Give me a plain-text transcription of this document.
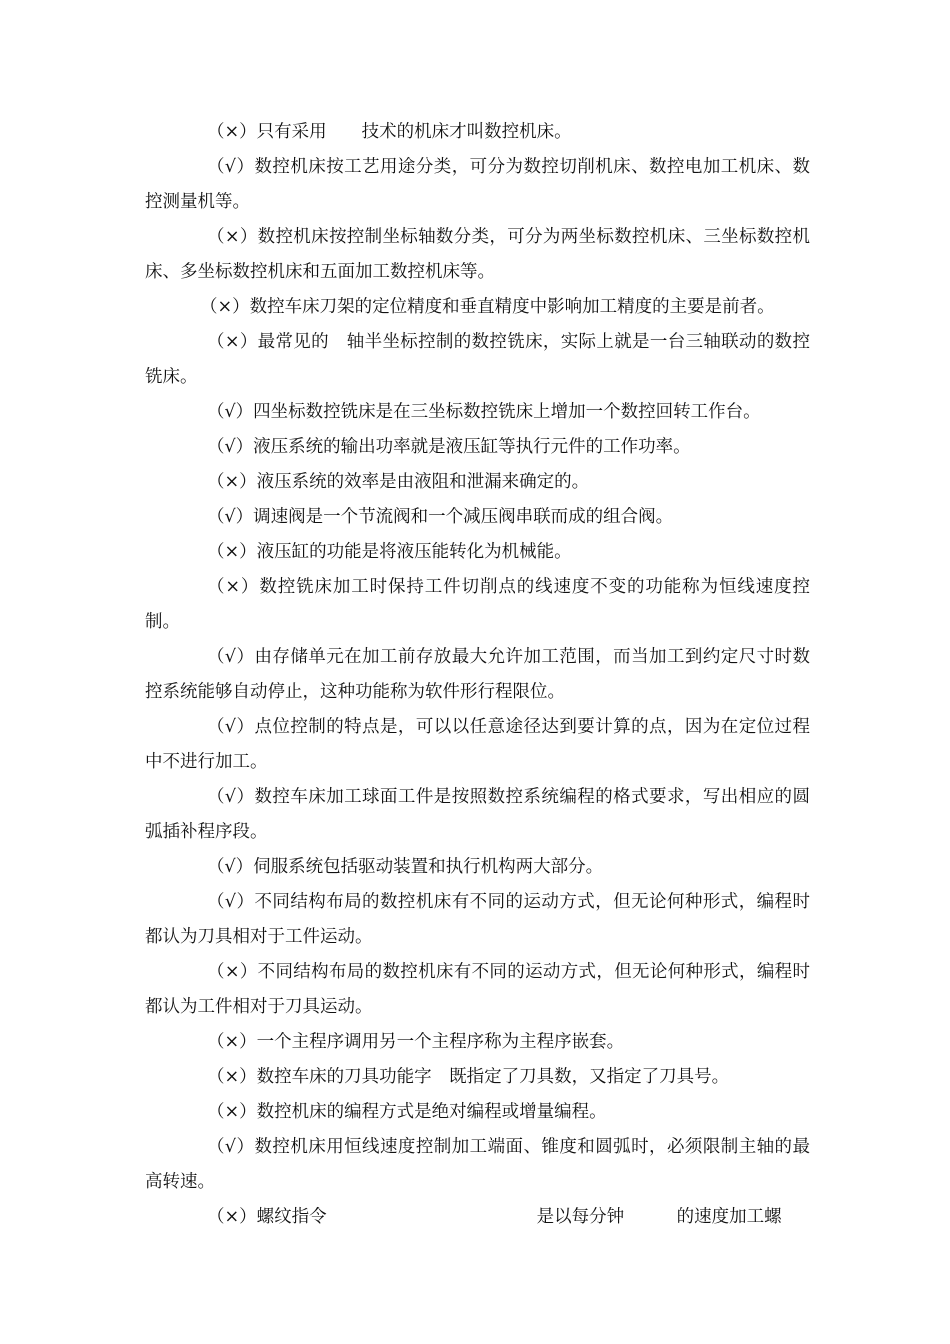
（×）只有采用　　技术的机床才叫数控机床。

（√）数控机床按工艺用途分类，可分为数控切削机床、数控电加工机床、数控测量机等。

（×）数控机床按控制坐标轴数分类，可分为两坐标数控机床、三坐标数控机床、多坐标数控机床和五面加工数控机床等。

（×）数控车床刀架的定位精度和垂直精度中影响加工精度的主要是前者。

（×）最常见的　轴半坐标控制的数控铣床，实际上就是一台三轴联动的数控铣床。

（√）四坐标数控铣床是在三坐标数控铣床上增加一个数控回转工作台。

（√）液压系统的输出功率就是液压缸等执行元件的工作功率。

（×）液压系统的效率是由液阻和泄漏来确定的。

（√）调速阀是一个节流阀和一个减压阀串联而成的组合阀。

（×）液压缸的功能是将液压能转化为机械能。

（×）数控铣床加工时保持工件切削点的线速度不变的功能称为恒线速度控制。

（√）由存储单元在加工前存放最大允许加工范围，而当加工到约定尺寸时数控系统能够自动停止，这种功能称为软件形行程限位。

（√）点位控制的特点是，可以以任意途径达到要计算的点，因为在定位过程中不进行加工。

（√）数控车床加工球面工件是按照数控系统编程的格式要求，写出相应的圆弧插补程序段。

（√）伺服系统包括驱动装置和执行机构两大部分。

（√）不同结构布局的数控机床有不同的运动方式，但无论何种形式，编程时都认为刀具相对于工件运动。

（×）不同结构布局的数控机床有不同的运动方式，但无论何种形式，编程时都认为工件相对于刀具运动。

（×）一个主程序调用另一个主程序称为主程序嵌套。

（×）数控车床的刀具功能字　既指定了刀具数，又指定了刀具号。

（×）数控机床的编程方式是绝对编程或增量编程。

（√）数控机床用恒线速度控制加工端面、锥度和圆弧时，必须限制主轴的最高转速。

（×）螺纹指令　　　　　　　　　　　　是以每分钟　　　的速度加工螺
